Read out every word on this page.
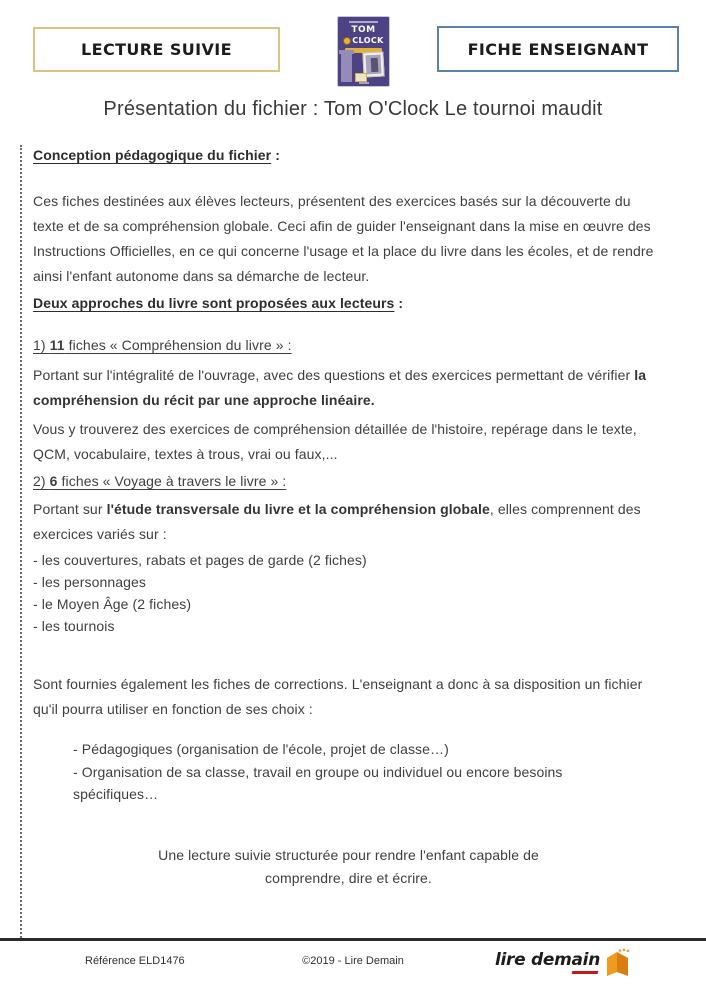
LECTURE SUIVIE
TOM
CLOCK	FICHE ENSEIGNANT
Présentation du fichier : Tom O'Clock Le tournoi maudit
Conception pédagogique du fichier :
Ces fiches destinées aux élèves lecteurs, présentent des exercices basés sur la découverte du texte et de sa compréhension globale. Ceci afin de guider l'enseignant dans la mise en œuvre des Instructions Officielles, en ce qui concerne l'usage et la place du livre dans les écoles, et de rendre ainsi l'enfant autonome dans sa démarche de lecteur.
Deux approches du livre sont proposées aux lecteurs :
1) 11 fiches « Compréhension du livre » :
Portant sur l'intégralité de l'ouvrage, avec des questions et des exercices permettant de vérifier la compréhension du récit par une approche linéaire.
Vous y trouverez des exercices de compréhension détaillée de l'histoire, repérage dans le texte, QCM, vocabulaire, textes à trous, vrai ou faux,...
2) 6 fiches « Voyage à travers le livre » :
Portant sur l'étude transversale du livre et la compréhension globale, elles comprennent des exercices variés sur :
- les couvertures, rabats et pages de garde (2 fiches)
- les personnages
- le Moyen Âge (2 fiches)
- les tournois
Sont fournies également les fiches de corrections. L'enseignant a donc à sa disposition un fichier qu'il pourra utiliser en fonction de ses choix :
- Pédagogiques (organisation de l'école, projet de classe…)
- Organisation de sa classe, travail en groupe ou individuel ou encore besoins spécifiques…
Une lecture suivie structurée pour rendre l'enfant capable de
comprendre, dire et écrire.
Référence ELD1476	©2019 - Lire Demain	lire demain
